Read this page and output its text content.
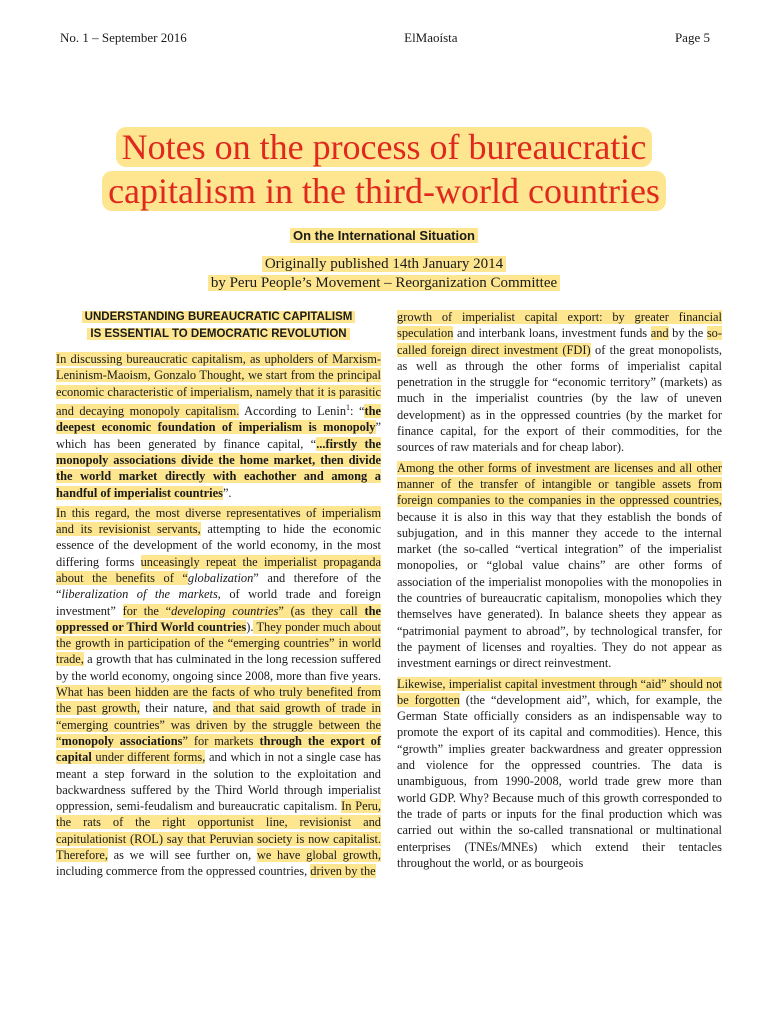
No. 1 – September 2016	ElMaoísta	Page 5
Notes on the process of bureaucratic
capitalism in the third-world countries
On the International Situation
Originally published 14th January 2014
by Peru People’s Movement – Reorganization Committee
UNDERSTANDING BUREAUCRATIC CAPITALISM
IS ESSENTIAL TO DEMOCRATIC REVOLUTION

In discussing bureaucratic capitalism, as upholders of Marxism-Leninism-Maoism, Gonzalo Thought, we start from the principal economic characteristic of imperialism, namely that it is parasitic and decaying monopoly capitalism. According to Lenin$^1$: “the deepest economic foundation of imperialism is monopoly” which has been generated by finance capital, “...firstly the monopoly associations divide the home market, then divide the world market directly with eachother and among a handful of imperialist countries”.

In this regard, the most diverse representatives of imperialism and its revisionist servants, attempting to hide the economic essence of the development of the world economy, in the most differing forms unceasingly repeat the imperialist propaganda about the benefits of “globalization” and therefore of the “liberalization of the markets, of world trade and foreign investment” for the “developing countries” (as they call the oppressed or Third World countries). They ponder much about the growth in participation of the “emerging countries” in world trade, a growth that has culminated in the long recession suffered by the world economy, ongoing since 2008, more than five years. What has been hidden are the facts of who truly benefited from the past growth, their nature, and that said growth of trade in “emerging countries” was driven by the struggle between the “monopoly associations” for markets through the export of capital under different forms, and which in not a single case has meant a step forward in the solution to the exploitation and backwardness suffered by the Third World through imperialist oppression, semi-feudalism and bureaucratic capitalism. In Peru, the rats of the right opportunist line, revisionist and capitulationist (ROL) say that Peruvian society is now capitalist. Therefore, as we will see further on, we have global growth, including commerce from the oppressed countries, driven by the

growth of imperialist capital export: by greater financial speculation and interbank loans, investment funds and by the so-called foreign direct investment (FDI) of the great monopolists, as well as through the other forms of imperialist capital penetration in the struggle for “economic territory” (markets) as much in the imperialist countries (by the law of uneven development) as in the oppressed countries (by the market for finance capital, for the export of their commodities, for the sources of raw materials and for cheap labor).

Among the other forms of investment are licenses and all other manner of the transfer of intangible or tangible assets from foreign companies to the companies in the oppressed countries, because it is also in this way that they establish the bonds of subjugation, and in this manner they accede to the internal market (the so-called “vertical integration” of the imperialist monopolies, or “global value chains” are other forms of association of the imperialist monopolies with the monopolies in the countries of bureaucratic capitalism, monopolies which they themselves have generated). In balance sheets they appear as “patrimonial payment to abroad”, by technological transfer, for the payment of licenses and royalties. They do not appear as investment earnings or direct reinvestment.

Likewise, imperialist capital investment through “aid” should not be forgotten (the “development aid”, which, for example, the German State officially considers as an indispensable way to promote the export of its capital and commodities). Hence, this “growth” implies greater backwardness and greater oppression and violence for the oppressed countries. The data is unambiguous, from 1990-2008, world trade grew more than world GDP. Why? Because much of this growth corresponded to the trade of parts or inputs for the final production which was carried out within the so-called transnational or multinational enterprises (TNEs/MNEs) which extend their tentacles throughout the world, or as bourgeois
